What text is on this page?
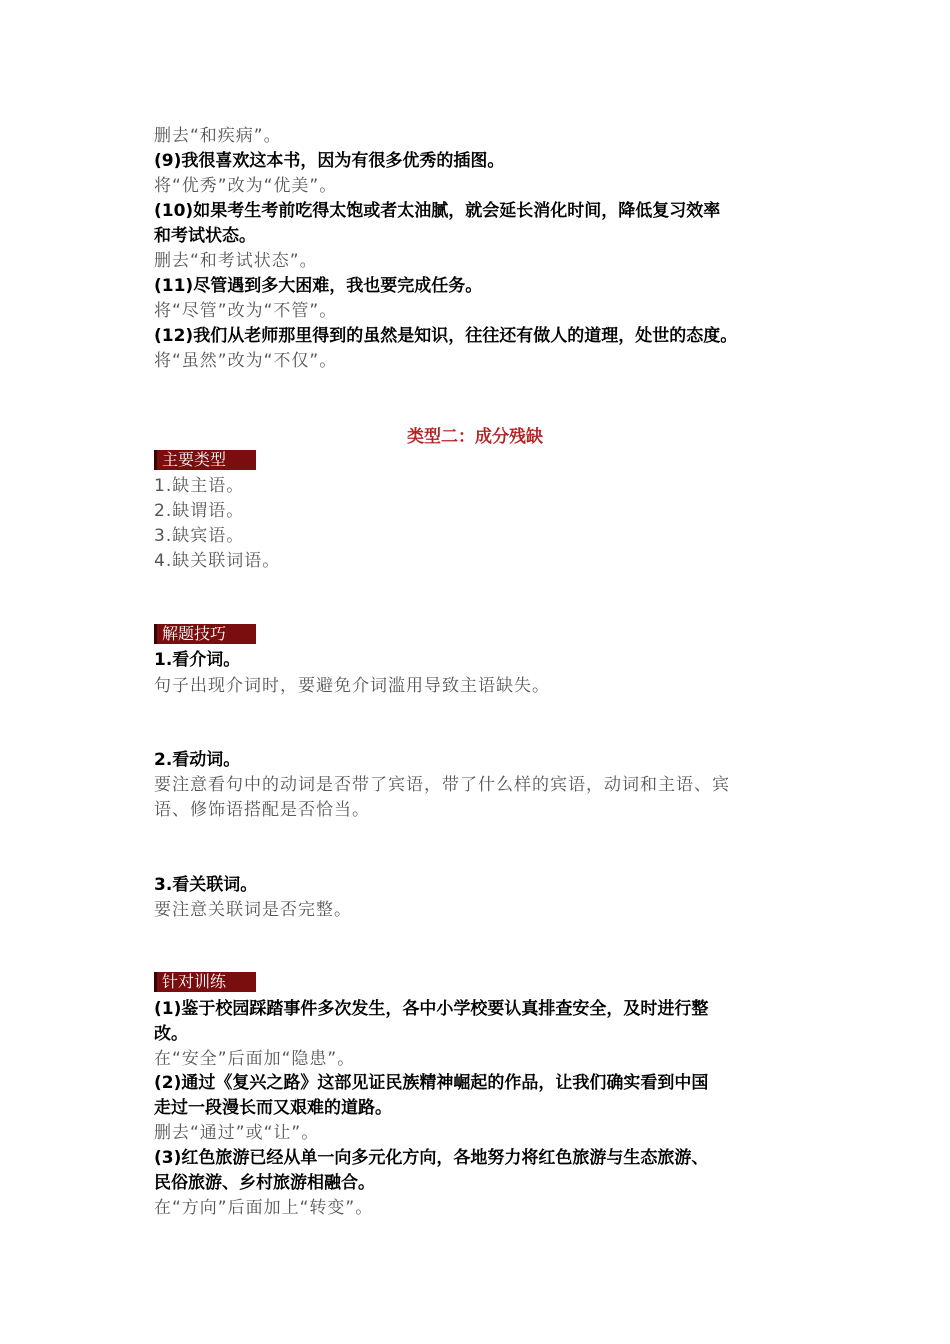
删去“和疾病”。
(9)我很喜欢这本书，因为有很多优秀的插图。
将“优秀”改为“优美”。
(10)如果考生考前吃得太饱或者太油腻，就会延长消化时间，降低复习效率
和考试状态。
删去“和考试状态”。
(11)尽管遇到多大困难，我也要完成任务。
将“尽管”改为“不管”。
(12)我们从老师那里得到的虽然是知识，往往还有做人的道理，处世的态度。
将“虽然”改为“不仅”。
类型二：成分残缺
主要类型
1.缺主语。
2.缺谓语。
3.缺宾语。
4.缺关联词语。
解题技巧
1.看介词。
句子出现介词时，要避免介词滥用导致主语缺失。
2.看动词。
要注意看句中的动词是否带了宾语，带了什么样的宾语，动词和主语、宾
语、修饰语搭配是否恰当。
3.看关联词。
要注意关联词是否完整。
针对训练
(1)鉴于校园踩踏事件多次发生，各中小学校要认真排查安全，及时进行整
改。
在“安全”后面加“隐患”。
(2)通过《复兴之路》这部见证民族精神崛起的作品，让我们确实看到中国
走过一段漫长而又艰难的道路。
删去“通过”或“让”。
(3)红色旅游已经从单一向多元化方向，各地努力将红色旅游与生态旅游、
民俗旅游、乡村旅游相融合。
在“方向”后面加上“转变”。
